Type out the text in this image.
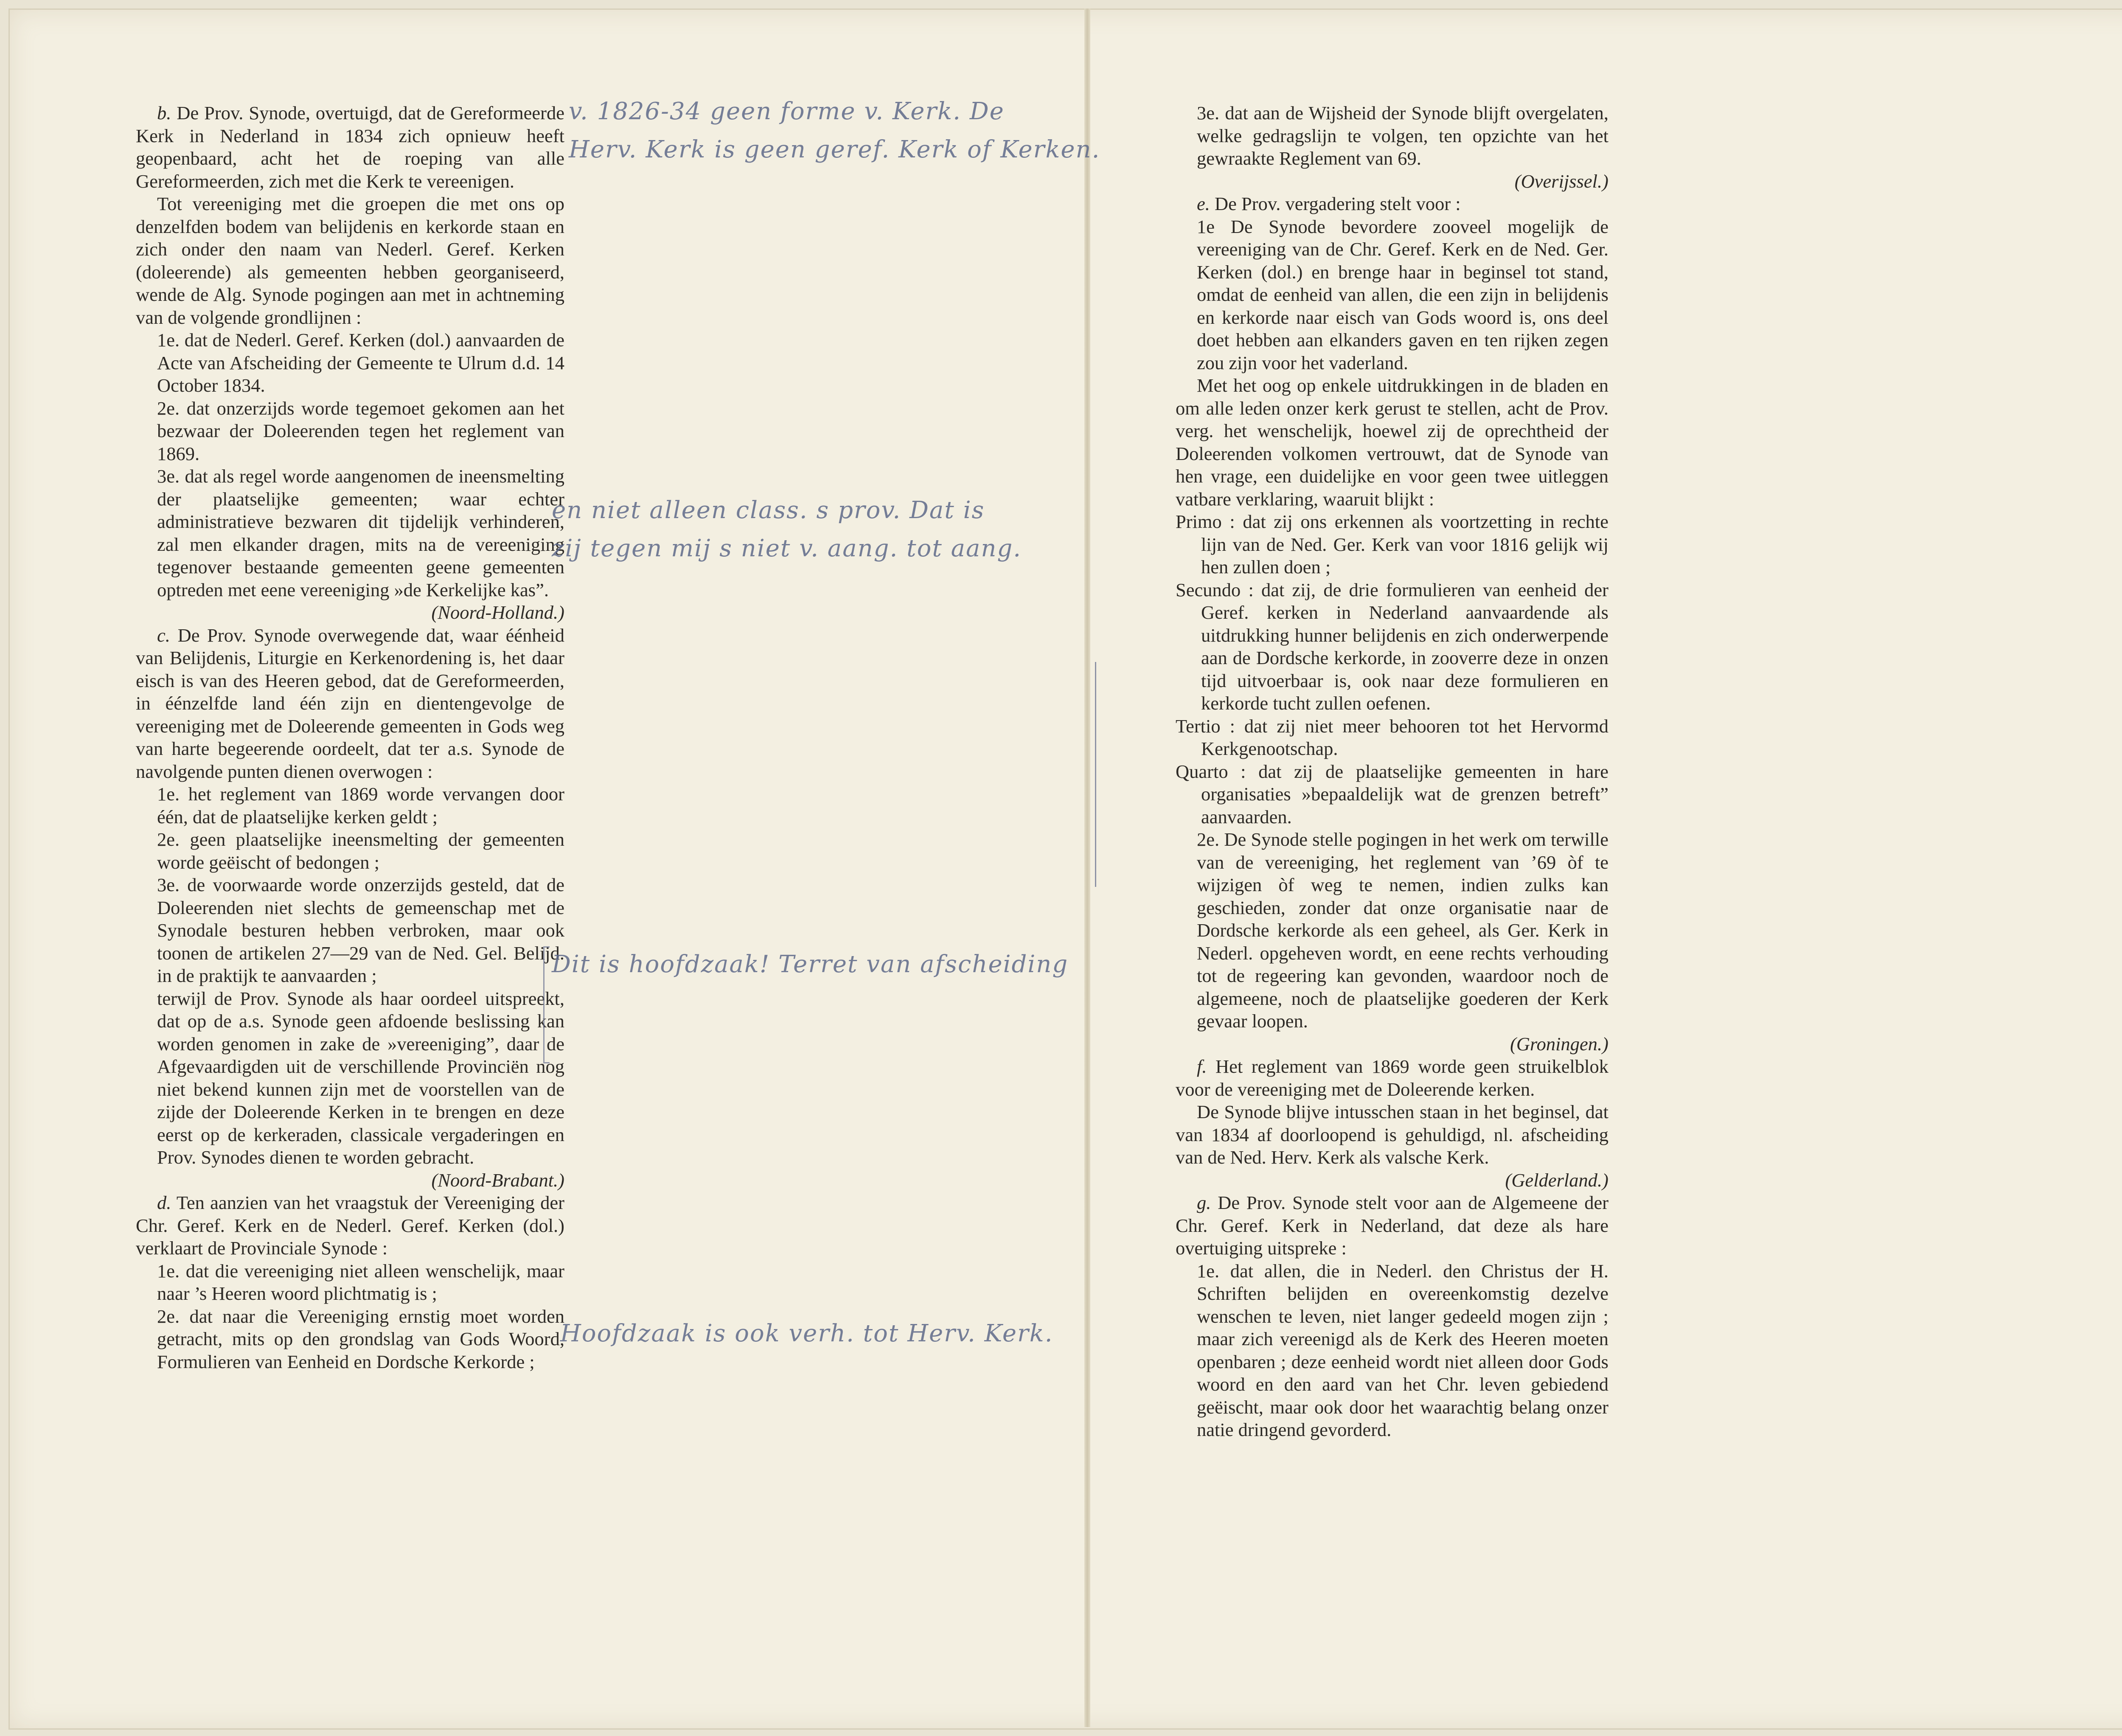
b. De Prov. Synode, overtuigd, dat de Gereformeerde Kerk in Nederland in 1834 zich opnieuw heeft geopenbaard, acht het de roeping van alle Gereformeerden, zich met die Kerk te vereenigen.
Tot vereeniging met die groepen die met ons op denzelfden bodem van belijdenis en kerkorde staan en zich onder den naam van Nederl. Geref. Kerken (doleerende) als gemeenten hebben georganiseerd, wende de Alg. Synode pogingen aan met in achtneming van de volgende grondlijnen :
1e. dat de Nederl. Geref. Kerken (dol.) aanvaarden de Acte van Afscheiding der Gemeente te Ulrum d.d. 14 October 1834.
2e. dat onzerzijds worde tegemoet gekomen aan het bezwaar der Doleerenden tegen het reglement van 1869.
3e. dat als regel worde aangenomen de ineensmelting der plaatselijke gemeenten; waar echter administratieve bezwaren dit tijdelijk verhinderen, zal men elkander dragen, mits na de vereeniging tegenover bestaande gemeenten geene gemeenten optreden met eene vereeniging »de Kerkelijke kas”.
(Noord-Holland.)
c. De Prov. Synode overwegende dat, waar éénheid van Belijdenis, Liturgie en Kerkenordening is, het daar eisch is van des Heeren gebod, dat de Gereformeerden, in éénzelfde land één zijn en dientengevolge de vereeniging met de Doleerende gemeenten in Gods weg van harte begeerende oordeelt, dat ter a.s. Synode de navolgende punten dienen overwogen :
1e. het reglement van 1869 worde vervangen door één, dat de plaatselijke kerken geldt ;
2e. geen plaatselijke ineensmelting der gemeenten worde geëischt of bedongen ;
3e. de voorwaarde worde onzerzijds gesteld, dat de Doleerenden niet slechts de gemeenschap met de Synodale besturen hebben verbroken, maar ook toonen de artikelen 27—29 van de Ned. Gel. Belijd. in de praktijk te aanvaarden ;
terwijl de Prov. Synode als haar oordeel uitspreekt, dat op de a.s. Synode geen afdoende beslissing kan worden genomen in zake de »vereeniging”, daar de Afgevaardigden uit de verschillende Provinciën nog niet bekend kunnen zijn met de voorstellen van de zijde der Doleerende Kerken in te brengen en deze eerst op de kerkeraden, classicale vergaderingen en Prov. Synodes dienen te worden gebracht.
(Noord-Brabant.)
d. Ten aanzien van het vraagstuk der Vereeniging der Chr. Geref. Kerk en de Nederl. Geref. Kerken (dol.) verklaart de Provinciale Synode :
1e. dat die vereeniging niet alleen wenschelijk, maar naar ’s Heeren woord plichtmatig is ;
2e. dat naar die Vereeniging ernstig moet worden getracht, mits op den grondslag van Gods Woord, Formulieren van Eenheid en Dordsche Kerkorde ;
3e. dat aan de Wijsheid der Synode blijft overgelaten, welke gedragslijn te volgen, ten opzichte van het gewraakte Reglement van 69.
(Overijssel.)
e. De Prov. vergadering stelt voor :
1e De Synode bevordere zooveel mogelijk de vereeniging van de Chr. Geref. Kerk en de Ned. Ger. Kerken (dol.) en brenge haar in beginsel tot stand, omdat de eenheid van allen, die een zijn in belijdenis en kerkorde naar eisch van Gods woord is, ons deel doet hebben aan elkanders gaven en ten rijken zegen zou zijn voor het vaderland.
Met het oog op enkele uitdrukkingen in de bladen en om alle leden onzer kerk gerust te stellen, acht de Prov. verg. het wenschelijk, hoewel zij de oprechtheid der Doleerenden volkomen vertrouwt, dat de Synode van hen vrage, een duidelijke en voor geen twee uitleggen vatbare verklaring, waaruit blijkt :
Primo : dat zij ons erkennen als voortzetting in rechte lijn van de Ned. Ger. Kerk van voor 1816 gelijk wij hen zullen doen ;
Secundo : dat zij, de drie formulieren van eenheid der Geref. kerken in Nederland aanvaardende als uitdrukking hunner belijdenis en zich onderwerpende aan de Dordsche kerkorde, in zooverre deze in onzen tijd uitvoerbaar is, ook naar deze formulieren en kerkorde tucht zullen oefenen.
Tertio : dat zij niet meer behooren tot het Hervormd Kerkgenootschap.
Quarto : dat zij de plaatselijke gemeenten in hare organisaties »bepaaldelijk wat de grenzen betreft” aanvaarden.
2e. De Synode stelle pogingen in het werk om terwille van de vereeniging, het reglement van ’69 òf te wijzigen òf weg te nemen, indien zulks kan geschieden, zonder dat onze organisatie naar de Dordsche kerkorde als een geheel, als Ger. Kerk in Nederl. opgeheven wordt, en eene rechts verhouding tot de regeering kan gevonden, waardoor noch de algemeene, noch de plaatselijke goederen der Kerk gevaar loopen.
(Groningen.)
f. Het reglement van 1869 worde geen struikelblok voor de vereeniging met de Doleerende kerken.
De Synode blijve intusschen staan in het beginsel, dat van 1834 af doorloopend is gehuldigd, nl. afscheiding van de Ned. Herv. Kerk als valsche Kerk.
(Gelderland.)
g. De Prov. Synode stelt voor aan de Algemeene der Chr. Geref. Kerk in Nederland, dat deze als hare overtuiging uitspreke :
1e. dat allen, die in Nederl. den Christus der H. Schriften belijden en overeenkomstig dezelve wenschen te leven, niet langer gedeeld mogen zijn ; maar zich vereenigd als de Kerk des Heeren moeten openbaren ; deze eenheid wordt niet alleen door Gods woord en den aard van het Chr. leven gebiedend geëischt, maar ook door het waarachtig belang onzer natie dringend gevorderd.
v. 1826-34 geen forme v. Kerk. De
Herv. Kerk is geen geref. Kerk of Kerken.
en niet alleen class. s prov. Dat is
zij tegen mij s niet v. aang. tot aang.
Dit is hoofdzaak! Terret van afscheiding
Hoofdzaak is ook verh. tot Herv. Kerk.
